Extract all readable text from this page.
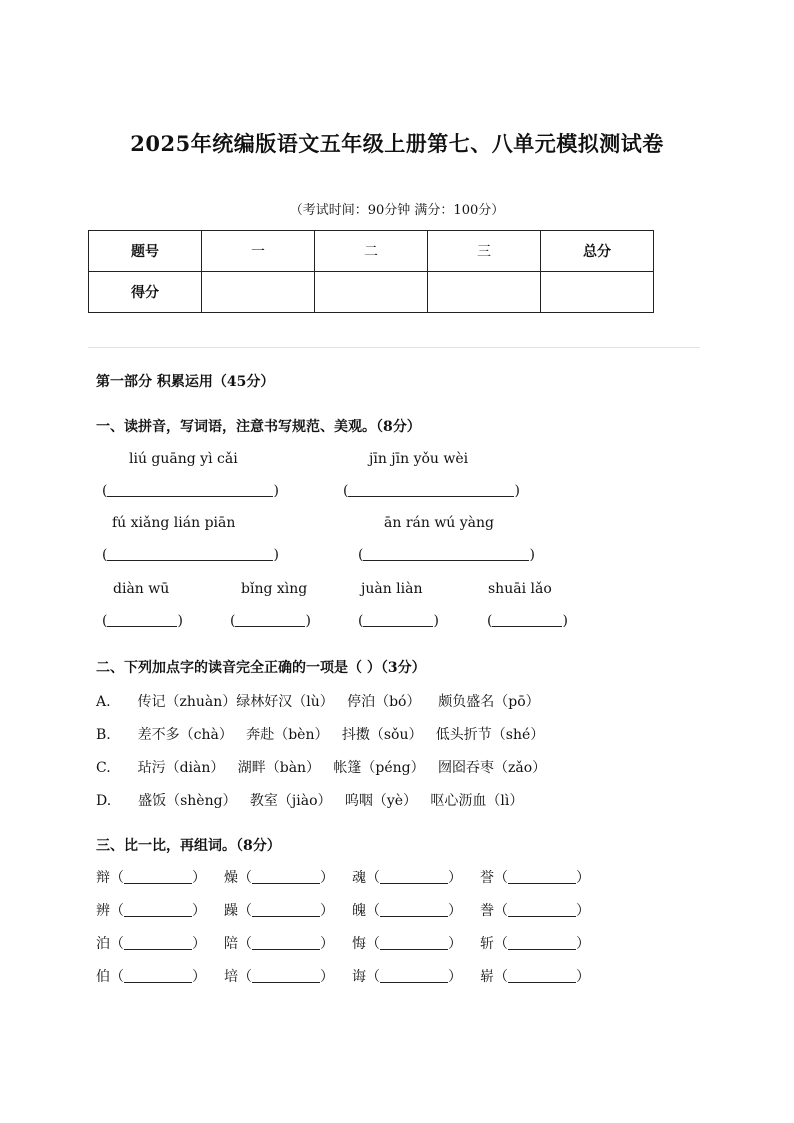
2025年统编版语文五年级上册第七、八单元模拟测试卷
（考试时间：90分钟 满分：100分）
题号	一	二	三	总分
得分				
第一部分 积累运用（45分）
一、读拼音，写词语，注意书写规范、美观。（8分）
liú guāng yì cǎi	jīn jīn yǒu wèi
(	)	(	)
fú xiǎng lián piān	ān rán wú yàng
(	)	(	)
diàn wū	bǐng xìng	juàn liàn	shuāi lǎo
(	)	(	)	(	)	(	)
二、下列加点字的读音完全正确的一项是（ ）（3分）
A. 传记（zhuàn）绿林好汉（lù）   停泊（bó）    颇负盛名（pō）
B. 差不多（chà）   奔赴（bèn）   抖擞（sǒu）   低头折节（shé）
C. 玷污（diàn）   湖畔（bàn）   帐篷（péng）   囫囵吞枣（zǎo）
D. 盛饭（shèng）   教室（jiào）   呜咽（yè）   呕心沥血（lì）
三、比一比，再组词。（8分）
辩（	） 燥（	） 魂（	） 誉（	）
辨（	） 躁（	） 魄（	） 誊（	）
泊（	） 陪（	） 悔（	） 斩（	）
伯（	） 培（	） 诲（	） 崭（	）
